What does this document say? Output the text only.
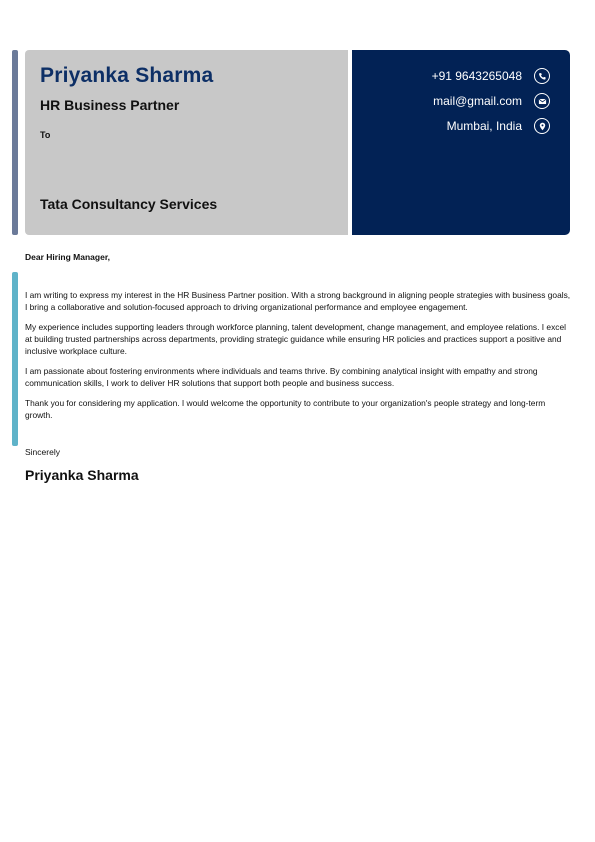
Priyanka Sharma
HR Business Partner
To
Tata Consultancy Services
+91 9643265048
mail@gmail.com
Mumbai, India
Dear Hiring Manager,

I am writing to express my interest in the HR Business Partner position. With a strong background in aligning people strategies with business goals, I bring a collaborative and solution-focused approach to driving organizational performance and employee engagement.

My experience includes supporting leaders through workforce planning, talent development, change management, and employee relations. I excel at building trusted partnerships across departments, providing strategic guidance while ensuring HR policies and practices support a positive and inclusive workplace culture.

I am passionate about fostering environments where individuals and teams thrive. By combining analytical insight with empathy and strong communication skills, I work to deliver HR solutions that support both people and business success.

Thank you for considering my application. I would welcome the opportunity to contribute to your organization's people strategy and long-term growth.

Sincerely
Priyanka Sharma
